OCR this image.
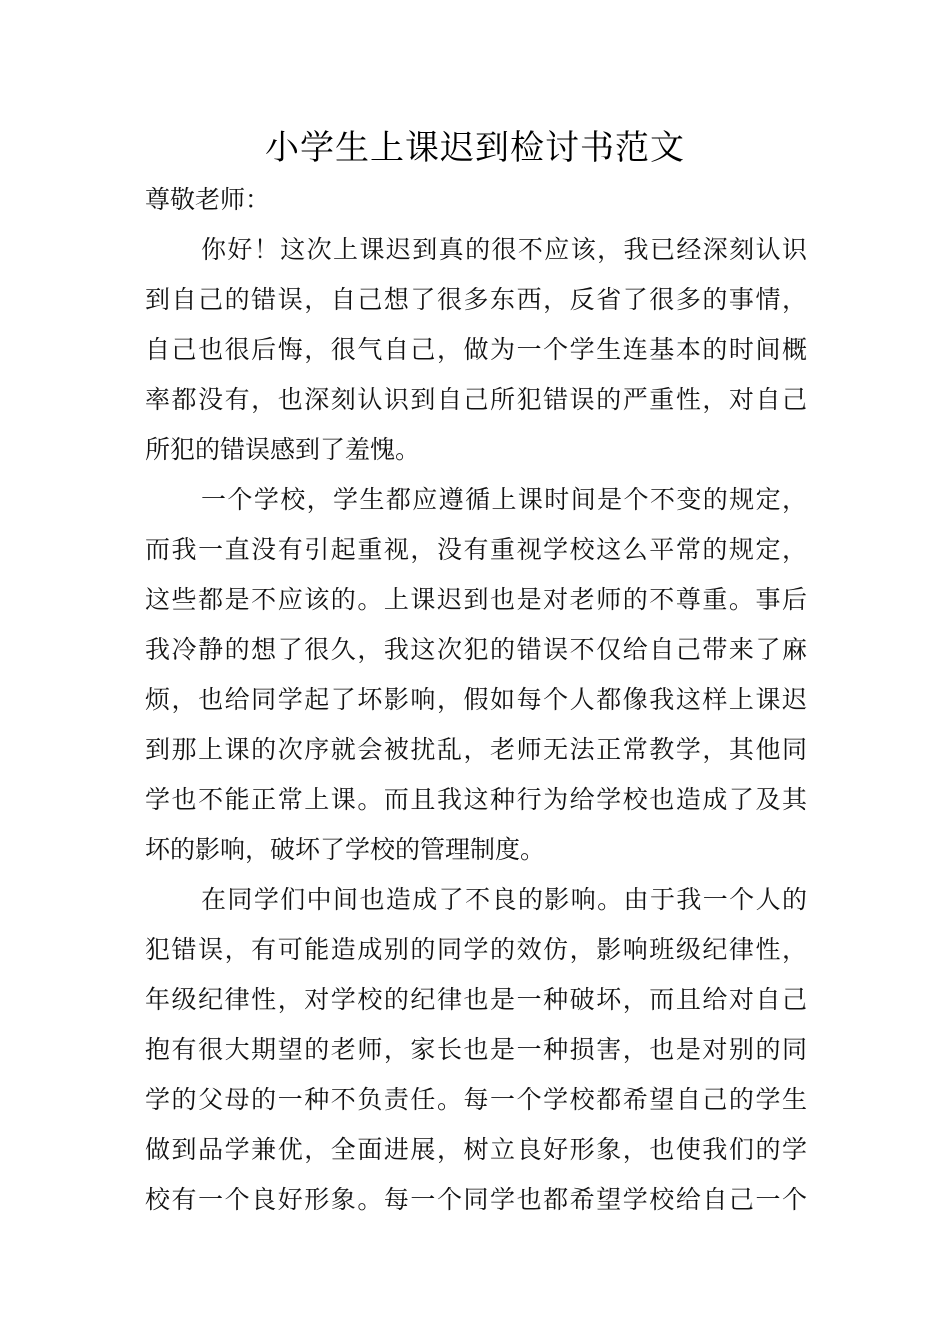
小学生上课迟到检讨书范文
尊敬老师：
你好！这次上课迟到真的很不应该，我已经深刻认识
到自己的错误，自己想了很多东西，反省了很多的事情，
自己也很后悔，很气自己，做为一个学生连基本的时间概
率都没有，也深刻认识到自己所犯错误的严重性，对自己
所犯的错误感到了羞愧。
一个学校，学生都应遵循上课时间是个不变的规定，
而我一直没有引起重视，没有重视学校这么平常的规定，
这些都是不应该的。上课迟到也是对老师的不尊重。事后
我冷静的想了很久，我这次犯的错误不仅给自己带来了麻
烦，也给同学起了坏影响，假如每个人都像我这样上课迟
到那上课的次序就会被扰乱，老师无法正常教学，其他同
学也不能正常上课。而且我这种行为给学校也造成了及其
坏的影响，破坏了学校的管理制度。
在同学们中间也造成了不良的影响。由于我一个人的
犯错误，有可能造成别的同学的效仿，影响班级纪律性，
年级纪律性，对学校的纪律也是一种破坏，而且给对自己
抱有很大期望的老师，家长也是一种损害，也是对别的同
学的父母的一种不负责任。每一个学校都希望自己的学生
做到品学兼优，全面进展，树立良好形象，也使我们的学
校有一个良好形象。每一个同学也都希望学校给自己一个
